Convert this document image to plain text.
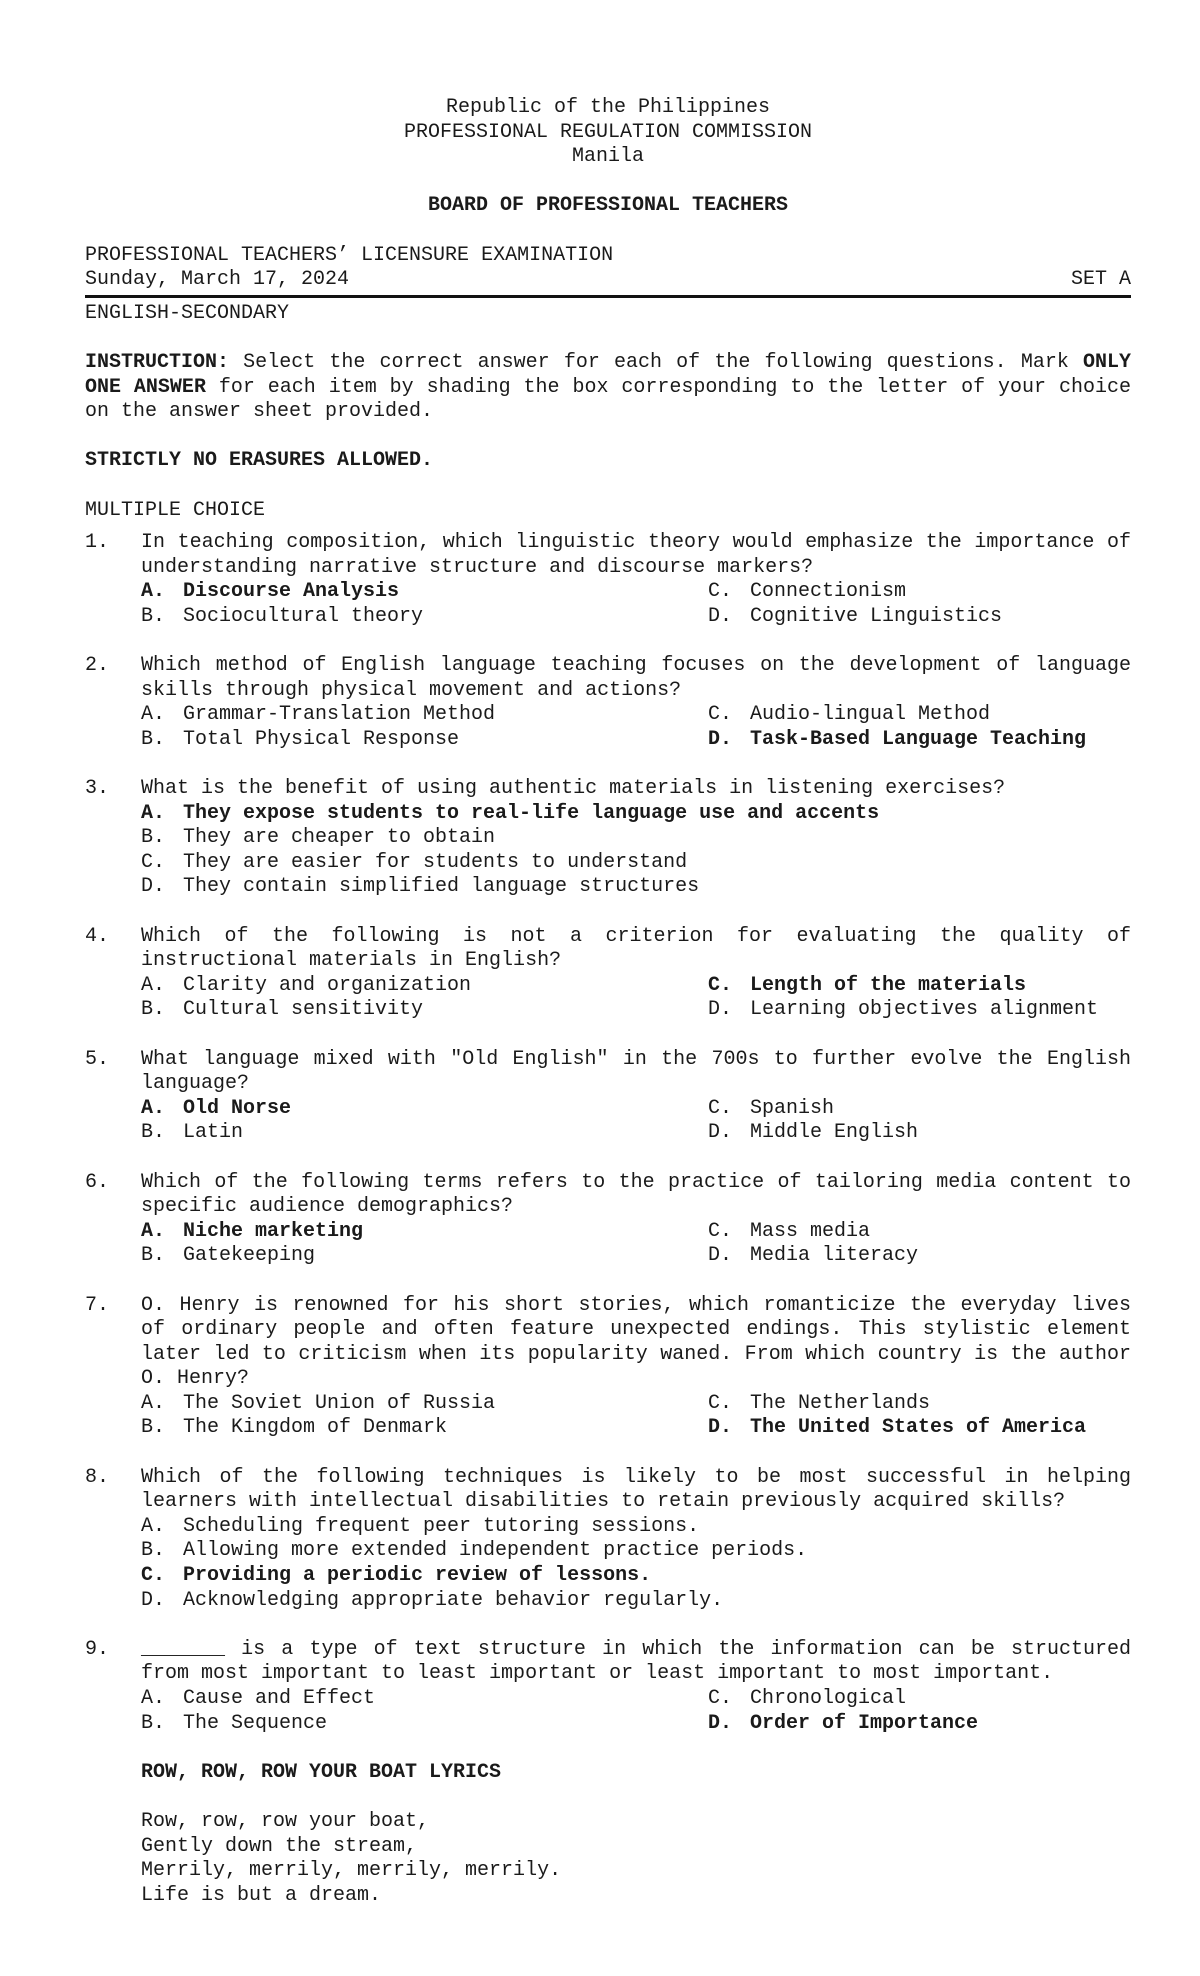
Republic of the Philippines

PROFESSIONAL REGULATION COMMISSION

Manila

BOARD OF PROFESSIONAL TEACHERS

PROFESSIONAL TEACHERS’ LICENSURE EXAMINATION

Sunday, March 17, 2024	SET A

ENGLISH-SECONDARY

INSTRUCTION: Select the correct answer for each of the following questions. Mark ONLY ONE ANSWER for each item by shading the box corresponding to the letter of your choice on the answer sheet provided.

STRICTLY NO ERASURES ALLOWED.

MULTIPLE CHOICE

1.	In teaching composition, which linguistic theory would emphasize the importance of understanding narrative structure and discourse markers?

A. Discourse Analysis	C. Connectionism
B. Sociocultural theory	D. Cognitive Linguistics
2.	Which method of English language teaching focuses on the development of language skills through physical movement and actions?

A. Grammar-Translation Method	C. Audio-lingual Method
B. Total Physical Response	D. Task-Based Language Teaching
3.	What is the benefit of using authentic materials in listening exercises?

A. They expose students to real-life language use and accents
B. They are cheaper to obtain
C. They are easier for students to understand
D. They contain simplified language structures
4.	Which of the following is not a criterion for evaluating the quality of instructional materials in English?

A. Clarity and organization	C. Length of the materials
B. Cultural sensitivity	D. Learning objectives alignment
5.	What language mixed with "Old English" in the 700s to further evolve the English language?

A. Old Norse	C. Spanish
B. Latin	D. Middle English
6.	Which of the following terms refers to the practice of tailoring media content to specific audience demographics?

A. Niche marketing	C. Mass media
B. Gatekeeping	D. Media literacy
7.	O. Henry is renowned for his short stories, which romanticize the everyday lives of ordinary people and often feature unexpected endings. This stylistic element later led to criticism when its popularity waned. From which country is the author O. Henry?

A. The Soviet Union of Russia	C. The Netherlands
B. The Kingdom of Denmark	D. The United States of America
8.	Which of the following techniques is likely to be most successful in helping learners with intellectual disabilities to retain previously acquired skills?

A. Scheduling frequent peer tutoring sessions.
B. Allowing more extended independent practice periods.
C. Providing a periodic review of lessons.
D. Acknowledging appropriate behavior regularly.
9.	_______ is a type of text structure in which the information can be structured from most important to least important or least important to most important.

A. Cause and Effect	C. Chronological
B. The Sequence	D. Order of Importance

ROW, ROW, ROW YOUR BOAT LYRICS

Row, row, row your boat,

Gently down the stream,

Merrily, merrily, merrily, merrily.

Life is but a dream.
